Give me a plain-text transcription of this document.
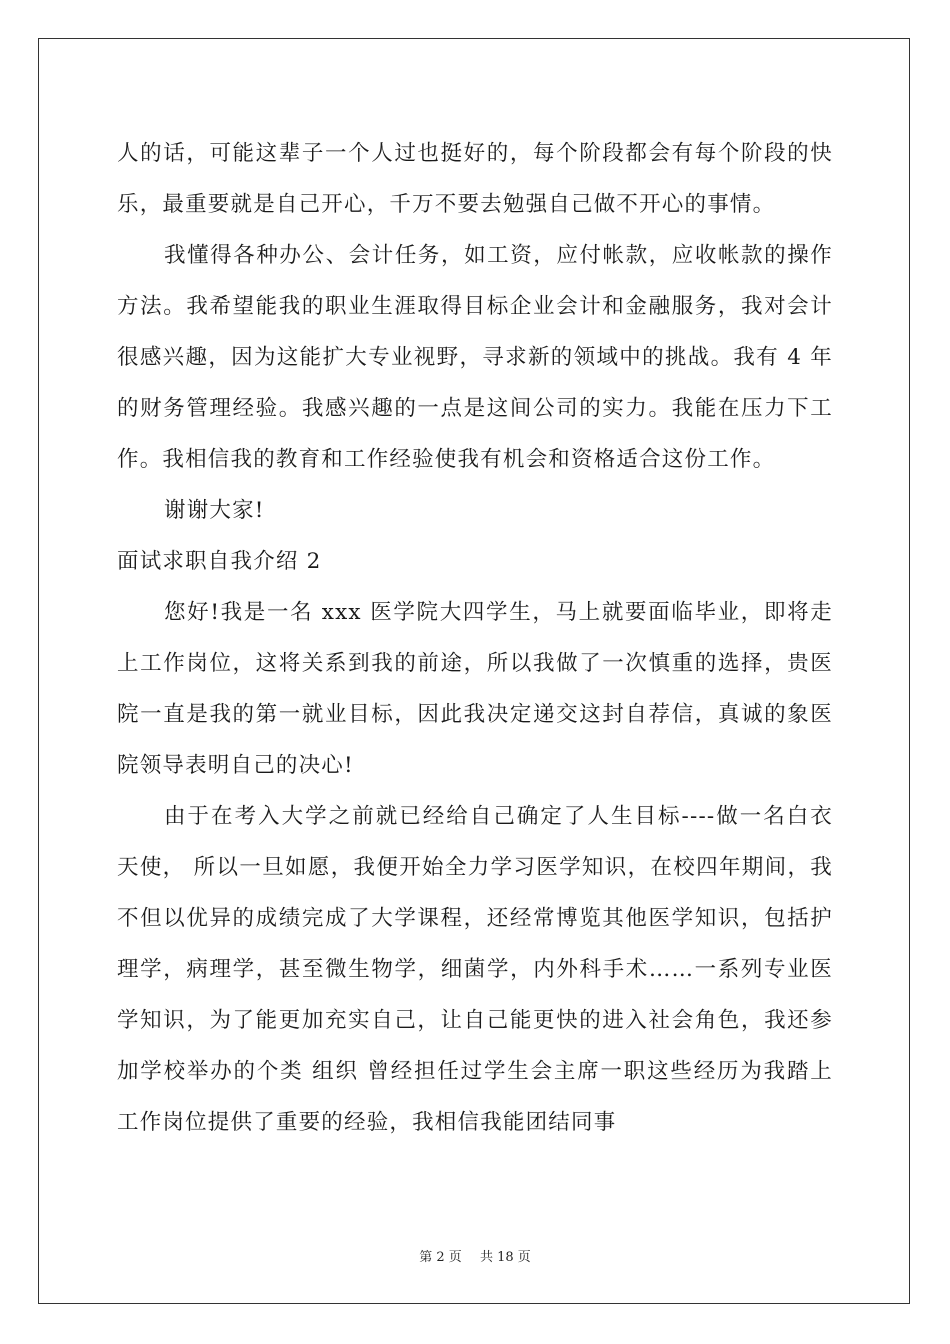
人的话，可能这辈子一个人过也挺好的，每个阶段都会有每个阶段的快乐，最重要就是自己开心，千万不要去勉强自己做不开心的事情。

我懂得各种办公、会计任务，如工资，应付帐款，应收帐款的操作方法。我希望能我的职业生涯取得目标企业会计和金融服务，我对会计很感兴趣，因为这能扩大专业视野，寻求新的领域中的挑战。我有 4 年的财务管理经验。我感兴趣的一点是这间公司的实力。我能在压力下工作。我相信我的教育和工作经验使我有机会和资格适合这份工作。

谢谢大家!

面试求职自我介绍 2

您好!我是一名 xxx 医学院大四学生，马上就要面临毕业，即将走上工作岗位，这将关系到我的前途，所以我做了一次慎重的选择，贵医院一直是我的第一就业目标，因此我决定递交这封自荐信，真诚的象医院领导表明自己的决心!

由于在考入大学之前就已经给自己确定了人生目标----做一名白衣天使， 所以一旦如愿，我便开始全力学习医学知识，在校四年期间，我不但以优异的成绩完成了大学课程，还经常博览其他医学知识，包括护理学，病理学，甚至微生物学，细菌学，内外科手术……一系列专业医学知识，为了能更加充实自己，让自己能更快的进入社会角色，我还参加学校举办的个类 组织 曾经担任过学生会主席一职这些经历为我踏上工作岗位提供了重要的经验，我相信我能团结同事

第 2 页 共 18 页
